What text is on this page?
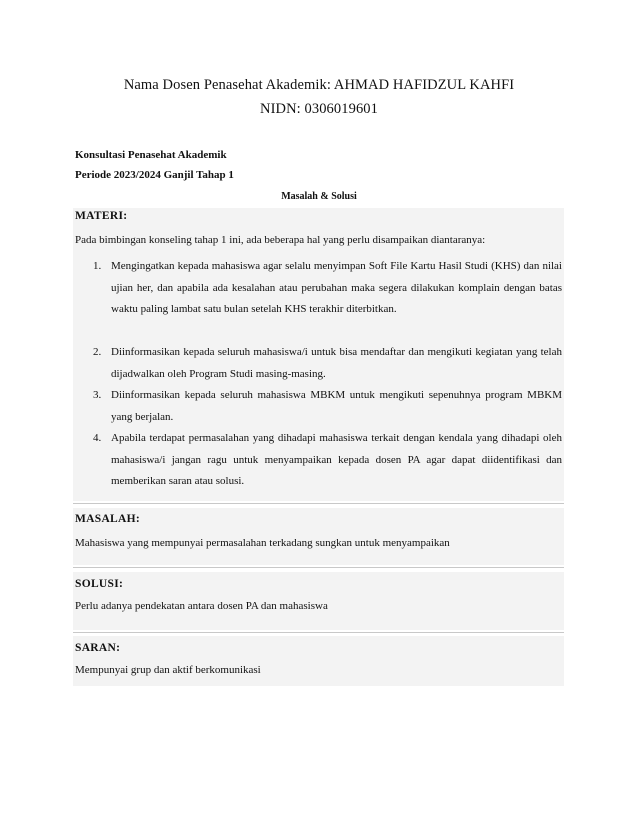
Nama Dosen Penasehat Akademik: AHMAD HAFIDZUL KAHFI
NIDN: 0306019601
Konsultasi Penasehat Akademik
Periode 2023/2024 Ganjil Tahap 1
Masalah & Solusi
MATERI:
Pada bimbingan konseling tahap 1 ini, ada beberapa hal yang perlu disampaikan diantaranya:
1. Mengingatkan kepada mahasiswa agar selalu menyimpan Soft File Kartu Hasil Studi (KHS) dan nilai ujian her, dan apabila ada kesalahan atau perubahan maka segera dilakukan komplain dengan batas waktu paling lambat satu bulan setelah KHS terakhir diterbitkan.
2. Diinformasikan kepada seluruh mahasiswa/i untuk bisa mendaftar dan mengikuti kegiatan yang telah dijadwalkan oleh Program Studi masing-masing.
3. Diinformasikan kepada seluruh mahasiswa MBKM untuk mengikuti sepenuhnya program MBKM yang berjalan.
4. Apabila terdapat permasalahan yang dihadapi mahasiswa terkait dengan kendala yang dihadapi oleh mahasiswa/i jangan ragu untuk menyampaikan kepada dosen PA agar dapat diidentifikasi dan memberikan saran atau solusi.
MASALAH:
Mahasiswa yang mempunyai permasalahan terkadang sungkan untuk menyampaikan
SOLUSI:
Perlu adanya pendekatan antara dosen PA dan mahasiswa
SARAN:
Mempunyai grup dan aktif berkomunikasi
